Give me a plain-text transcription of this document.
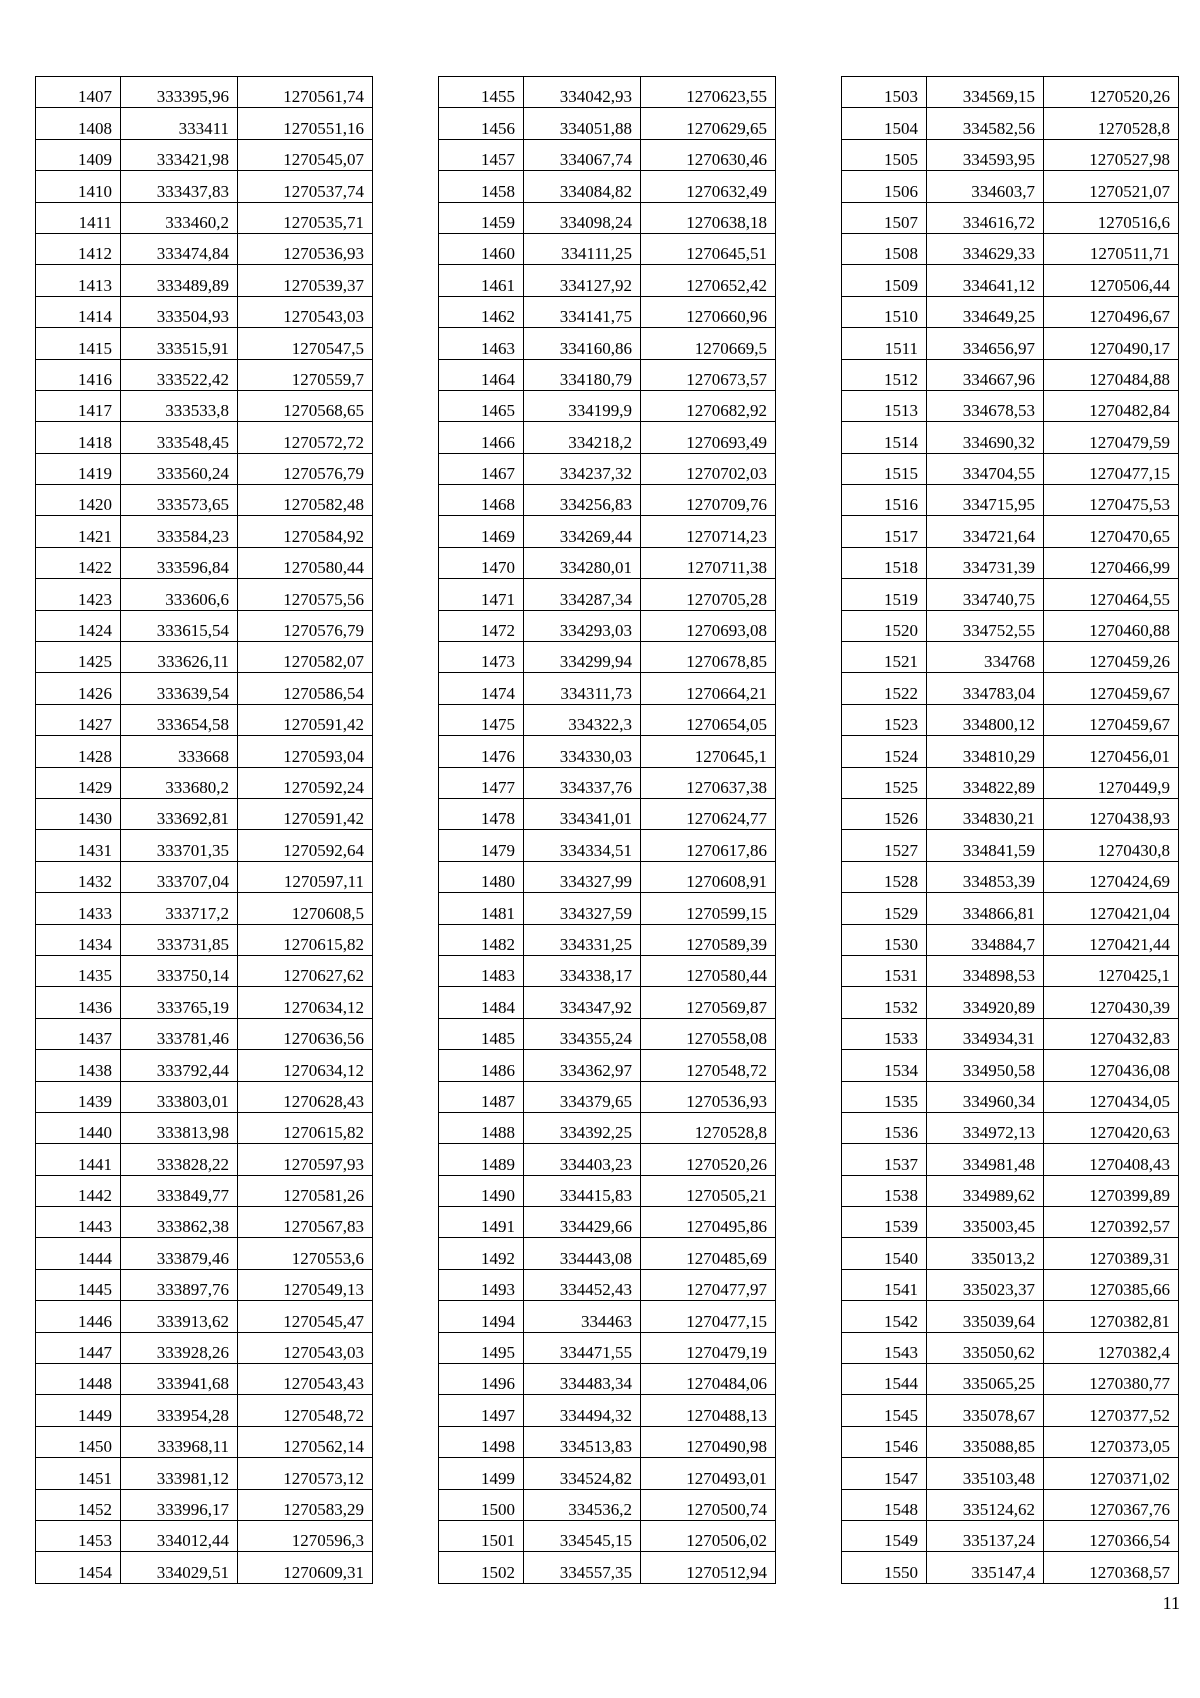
1407	333395,96	1270561,74
1408	333411	1270551,16
1409	333421,98	1270545,07
1410	333437,83	1270537,74
1411	333460,2	1270535,71
1412	333474,84	1270536,93
1413	333489,89	1270539,37
1414	333504,93	1270543,03
1415	333515,91	1270547,5
1416	333522,42	1270559,7
1417	333533,8	1270568,65
1418	333548,45	1270572,72
1419	333560,24	1270576,79
1420	333573,65	1270582,48
1421	333584,23	1270584,92
1422	333596,84	1270580,44
1423	333606,6	1270575,56
1424	333615,54	1270576,79
1425	333626,11	1270582,07
1426	333639,54	1270586,54
1427	333654,58	1270591,42
1428	333668	1270593,04
1429	333680,2	1270592,24
1430	333692,81	1270591,42
1431	333701,35	1270592,64
1432	333707,04	1270597,11
1433	333717,2	1270608,5
1434	333731,85	1270615,82
1435	333750,14	1270627,62
1436	333765,19	1270634,12
1437	333781,46	1270636,56
1438	333792,44	1270634,12
1439	333803,01	1270628,43
1440	333813,98	1270615,82
1441	333828,22	1270597,93
1442	333849,77	1270581,26
1443	333862,38	1270567,83
1444	333879,46	1270553,6
1445	333897,76	1270549,13
1446	333913,62	1270545,47
1447	333928,26	1270543,03
1448	333941,68	1270543,43
1449	333954,28	1270548,72
1450	333968,11	1270562,14
1451	333981,12	1270573,12
1452	333996,17	1270583,29
1453	334012,44	1270596,3
1454	334029,51	1270609,31
1455	334042,93	1270623,55
1456	334051,88	1270629,65
1457	334067,74	1270630,46
1458	334084,82	1270632,49
1459	334098,24	1270638,18
1460	334111,25	1270645,51
1461	334127,92	1270652,42
1462	334141,75	1270660,96
1463	334160,86	1270669,5
1464	334180,79	1270673,57
1465	334199,9	1270682,92
1466	334218,2	1270693,49
1467	334237,32	1270702,03
1468	334256,83	1270709,76
1469	334269,44	1270714,23
1470	334280,01	1270711,38
1471	334287,34	1270705,28
1472	334293,03	1270693,08
1473	334299,94	1270678,85
1474	334311,73	1270664,21
1475	334322,3	1270654,05
1476	334330,03	1270645,1
1477	334337,76	1270637,38
1478	334341,01	1270624,77
1479	334334,51	1270617,86
1480	334327,99	1270608,91
1481	334327,59	1270599,15
1482	334331,25	1270589,39
1483	334338,17	1270580,44
1484	334347,92	1270569,87
1485	334355,24	1270558,08
1486	334362,97	1270548,72
1487	334379,65	1270536,93
1488	334392,25	1270528,8
1489	334403,23	1270520,26
1490	334415,83	1270505,21
1491	334429,66	1270495,86
1492	334443,08	1270485,69
1493	334452,43	1270477,97
1494	334463	1270477,15
1495	334471,55	1270479,19
1496	334483,34	1270484,06
1497	334494,32	1270488,13
1498	334513,83	1270490,98
1499	334524,82	1270493,01
1500	334536,2	1270500,74
1501	334545,15	1270506,02
1502	334557,35	1270512,94
1503	334569,15	1270520,26
1504	334582,56	1270528,8
1505	334593,95	1270527,98
1506	334603,7	1270521,07
1507	334616,72	1270516,6
1508	334629,33	1270511,71
1509	334641,12	1270506,44
1510	334649,25	1270496,67
1511	334656,97	1270490,17
1512	334667,96	1270484,88
1513	334678,53	1270482,84
1514	334690,32	1270479,59
1515	334704,55	1270477,15
1516	334715,95	1270475,53
1517	334721,64	1270470,65
1518	334731,39	1270466,99
1519	334740,75	1270464,55
1520	334752,55	1270460,88
1521	334768	1270459,26
1522	334783,04	1270459,67
1523	334800,12	1270459,67
1524	334810,29	1270456,01
1525	334822,89	1270449,9
1526	334830,21	1270438,93
1527	334841,59	1270430,8
1528	334853,39	1270424,69
1529	334866,81	1270421,04
1530	334884,7	1270421,44
1531	334898,53	1270425,1
1532	334920,89	1270430,39
1533	334934,31	1270432,83
1534	334950,58	1270436,08
1535	334960,34	1270434,05
1536	334972,13	1270420,63
1537	334981,48	1270408,43
1538	334989,62	1270399,89
1539	335003,45	1270392,57
1540	335013,2	1270389,31
1541	335023,37	1270385,66
1542	335039,64	1270382,81
1543	335050,62	1270382,4
1544	335065,25	1270380,77
1545	335078,67	1270377,52
1546	335088,85	1270373,05
1547	335103,48	1270371,02
1548	335124,62	1270367,76
1549	335137,24	1270366,54
1550	335147,4	1270368,57
11
